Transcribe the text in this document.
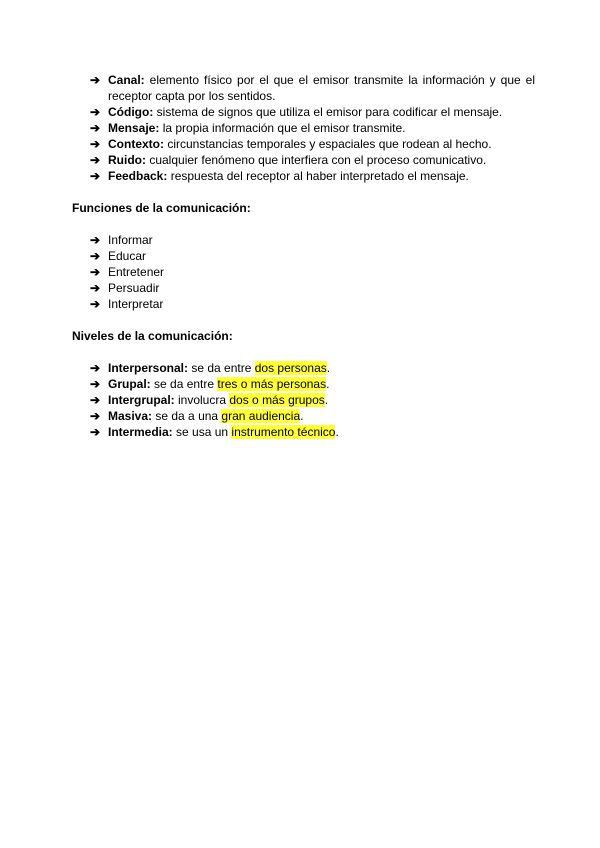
➔ Canal: elemento físico por el que el emisor transmite la información y que el receptor capta por los sentidos.
➔ Código: sistema de signos que utiliza el emisor para codificar el mensaje.
➔ Mensaje: la propia información que el emisor transmite.
➔ Contexto: circunstancias temporales y espaciales que rodean al hecho.
➔ Ruido: cualquier fenómeno que interfiera con el proceso comunicativo.
➔ Feedback: respuesta del receptor al haber interpretado el mensaje.
Funciones de la comunicación:
➔ Informar
➔ Educar
➔ Entretener
➔ Persuadir
➔ Interpretar
Niveles de la comunicación:
➔ Interpersonal: se da entre dos personas.
➔ Grupal: se da entre tres o más personas.
➔ Intergrupal: involucra dos o más grupos.
➔ Masiva: se da a una gran audiencia.
➔ Intermedia: se usa un instrumento técnico.
